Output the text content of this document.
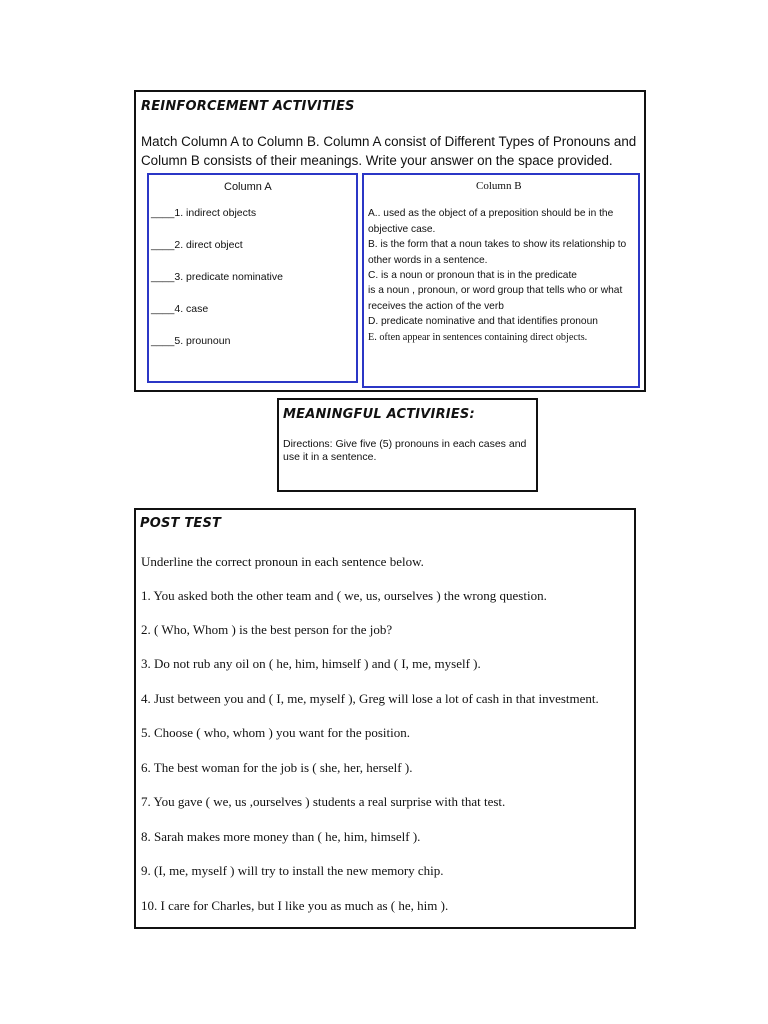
REINFORCEMENT ACTIVITIES
Match Column A to Column B. Column A consist of Different Types of Pronouns and Column B consists of their meanings. Write your answer on the space provided.
Column A
____1. indirect objects
____2. direct object
____3. predicate nominative
____4. case
____5. prounoun
Column B
A.. used as the object of a preposition should be in the objective case.
B. is the form that a noun takes to show its relationship to other words in a sentence.
C. is a noun or pronoun that is in the predicate
is a noun , pronoun, or word group that tells who or what receives the action of the verb
D. predicate nominative and that identifies pronoun
E. often appear in sentences containing direct objects.
MEANINGFUL ACTIVIRIES:
Directions: Give five (5) pronouns in each cases and use it in a sentence.
POST TEST
Underline the correct pronoun in each sentence below.
1. You asked both the other team and ( we, us, ourselves ) the wrong question.
2. ( Who, Whom ) is the best person for the job?
3. Do not rub any oil on ( he, him, himself ) and ( I, me, myself ).
4. Just between you and ( I, me, myself ), Greg will lose a lot of cash in that investment.
5. Choose ( who, whom ) you want for the position.
6. The best woman for the job is ( she, her, herself ).
7. You gave ( we, us ,ourselves ) students a real surprise with that test.
8. Sarah makes more money than ( he, him, himself ).
9. (I, me, myself ) will try to install the new memory chip.
10. I care for Charles, but I like you as much as ( he, him ).
